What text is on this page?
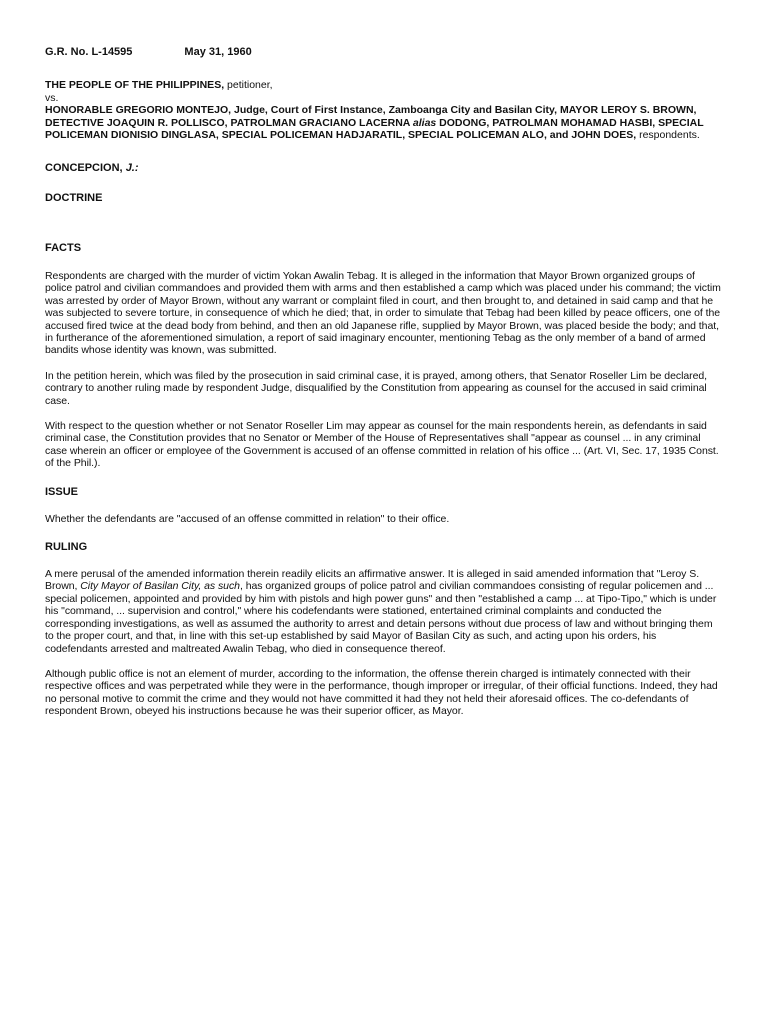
G.R. No. L-14595	May 31, 1960

THE PEOPLE OF THE PHILIPPINES, petitioner,
vs.
HONORABLE GREGORIO MONTEJO, Judge, Court of First Instance, Zamboanga City and Basilan City, MAYOR LEROY S. BROWN, DETECTIVE JOAQUIN R. POLLISCO, PATROLMAN GRACIANO LACERNA alias DODONG, PATROLMAN MOHAMAD HASBI, SPECIAL POLICEMAN DIONISIO DINGLASA, SPECIAL POLICEMAN HADJARATIL, SPECIAL POLICEMAN ALO, and JOHN DOES, respondents.

CONCEPCION, J.:

DOCTRINE

FACTS

Respondents are charged with the murder of victim Yokan Awalin Tebag. It is alleged in the information that Mayor Brown organized groups of police patrol and civilian commandoes and provided them with arms and then established a camp which was placed under his command; the victim was arrested by order of Mayor Brown, without any warrant or complaint filed in court, and then brought to, and detained in said camp and that he was subjected to severe torture, in consequence of which he died; that, in order to simulate that Tebag had been killed by peace officers, one of the accused fired twice at the dead body from behind, and then an old Japanese rifle, supplied by Mayor Brown, was placed beside the body; and that, in furtherance of the aforementioned simulation, a report of said imaginary encounter, mentioning Tebag as the only member of a band of armed bandits whose identity was known, was submitted.

In the petition herein, which was filed by the prosecution in said criminal case, it is prayed, among others, that Senator Roseller Lim be declared, contrary to another ruling made by respondent Judge, disqualified by the Constitution from appearing as counsel for the accused in said criminal case.

With respect to the question whether or not Senator Roseller Lim may appear as counsel for the main respondents herein, as defendants in said criminal case, the Constitution provides that no Senator or Member of the House of Representatives shall "appear as counsel ... in any criminal case wherein an officer or employee of the Government is accused of an offense committed in relation of his office ... (Art. VI, Sec. 17, 1935 Const. of the Phil.).

ISSUE

Whether the defendants are "accused of an offense committed in relation" to their office.

RULING

A mere perusal of the amended information therein readily elicits an affirmative answer. It is alleged in said amended information that "Leroy S. Brown, City Mayor of Basilan City, as such, has organized groups of police patrol and civilian commandoes consisting of regular policemen and ... special policemen, appointed and provided by him with pistols and high power guns" and then "established a camp ... at Tipo-Tipo," which is under his "command, ... supervision and control," where his codefendants were stationed, entertained criminal complaints and conducted the corresponding investigations, as well as assumed the authority to arrest and detain persons without due process of law and without bringing them to the proper court, and that, in line with this set-up established by said Mayor of Basilan City as such, and acting upon his orders, his codefendants arrested and maltreated Awalin Tebag, who died in consequence thereof.

Although public office is not an element of murder, according to the information, the offense therein charged is intimately connected with their respective offices and was perpetrated while they were in the performance, though improper or irregular, of their official functions. Indeed, they had no personal motive to commit the crime and they would not have committed it had they not held their aforesaid offices. The co-defendants of respondent Brown, obeyed his instructions because he was their superior officer, as Mayor.
